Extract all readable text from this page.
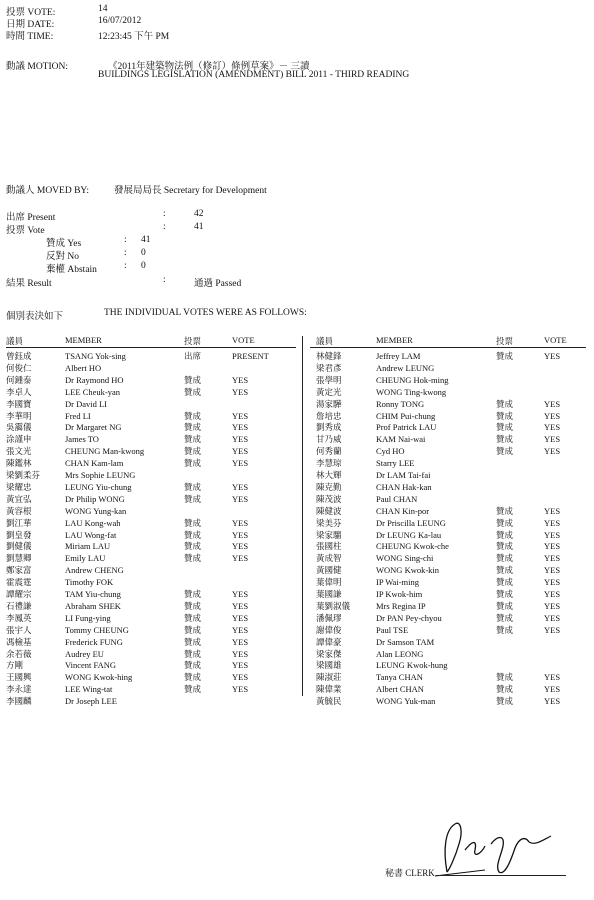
投票 VOTE:	14
日期 DATE:	16/07/2012
時間 TIME:	12:23:45 下午 PM
動議 MOTION:	《2011年建築物法例（修訂）條例草案》－ 三讀
BUILDINGS LEGISLATION (AMENDMENT) BILL 2011 - THIRD READING
動議人 MOVED BY:	發展局局長 Secretary for Development
出席 Present	:	42
投票 Vote	:	41
贊成 Yes	: 41
反對 No	: 0
棄權 Abstain	: 0
結果 Result	:	通過 Passed
個別表決如下	THE INDIVIDUAL VOTES WERE AS FOLLOWS:
議員	MEMBER	投票	VOTE	議員	MEMBER	投票	VOTE
曾鈺成	TSANG Yok-sing	出席	PRESENT
何俊仁	Albert HO
何鍾泰	Dr Raymond HO	贊成	YES
李卓人	LEE Cheuk-yan	贊成	YES
李國寶	Dr David LI
李華明	Fred LI	贊成	YES
吳靄儀	Dr Margaret NG	贊成	YES
涂謹申	James TO	贊成	YES
張文光	CHEUNG Man-kwong	贊成	YES
陳鑑林	CHAN Kam-lam	贊成	YES
梁劉柔芬	Mrs Sophie LEUNG
梁耀忠	LEUNG Yiu-chung	贊成	YES
黃宜弘	Dr Philip WONG	贊成	YES
黃容根	WONG Yung-kan
劉江華	LAU Kong-wah	贊成	YES
劉皇發	LAU Wong-fat	贊成	YES
劉健儀	Miriam LAU	贊成	YES
劉慧卿	Emily LAU	贊成	YES
鄭家富	Andrew CHENG
霍震霆	Timothy FOK
譚耀宗	TAM Yiu-chung	贊成	YES
石禮謙	Abraham SHEK	贊成	YES
李鳳英	LI Fung-ying	贊成	YES
張宇人	Tommy CHEUNG	贊成	YES
馮檢基	Frederick FUNG	贊成	YES
余若薇	Audrey EU	贊成	YES
方剛	Vincent FANG	贊成	YES
王國興	WONG Kwok-hing	贊成	YES
李永達	LEE Wing-tat	贊成	YES
李國麟	Dr Joseph LEE
林健鋒	Jeffrey LAM	贊成	YES
梁君彥	Andrew LEUNG
張學明	CHEUNG Hok-ming
黃定光	WONG Ting-kwong
湯家驊	Ronny TONG	贊成	YES
詹培忠	CHIM Pui-chung	贊成	YES
劉秀成	Prof Patrick LAU	贊成	YES
甘乃威	KAM Nai-wai	贊成	YES
何秀蘭	Cyd HO	贊成	YES
李慧琼	Starry LEE
林大輝	Dr LAM Tai-fai
陳克勤	CHAN Hak-kan
陳茂波	Paul CHAN
陳健波	CHAN Kin-por	贊成	YES
梁美芬	Dr Priscilla LEUNG	贊成	YES
梁家騮	Dr LEUNG Ka-lau	贊成	YES
張國柱	CHEUNG Kwok-che	贊成	YES
黃成智	WONG Sing-chi	贊成	YES
黃國健	WONG Kwok-kin	贊成	YES
葉偉明	IP Wai-ming	贊成	YES
葉國謙	IP Kwok-him	贊成	YES
葉劉淑儀	Mrs Regina IP	贊成	YES
潘佩璆	Dr PAN Pey-chyou	贊成	YES
謝偉俊	Paul TSE	贊成	YES
譚偉豪	Dr Samson TAM
梁家傑	Alan LEONG
梁國雄	LEUNG Kwok-hung
陳淑莊	Tanya CHAN	贊成	YES
陳偉業	Albert CHAN	贊成	YES
黃毓民	WONG Yuk-man	贊成	YES
秘書 CLERK
